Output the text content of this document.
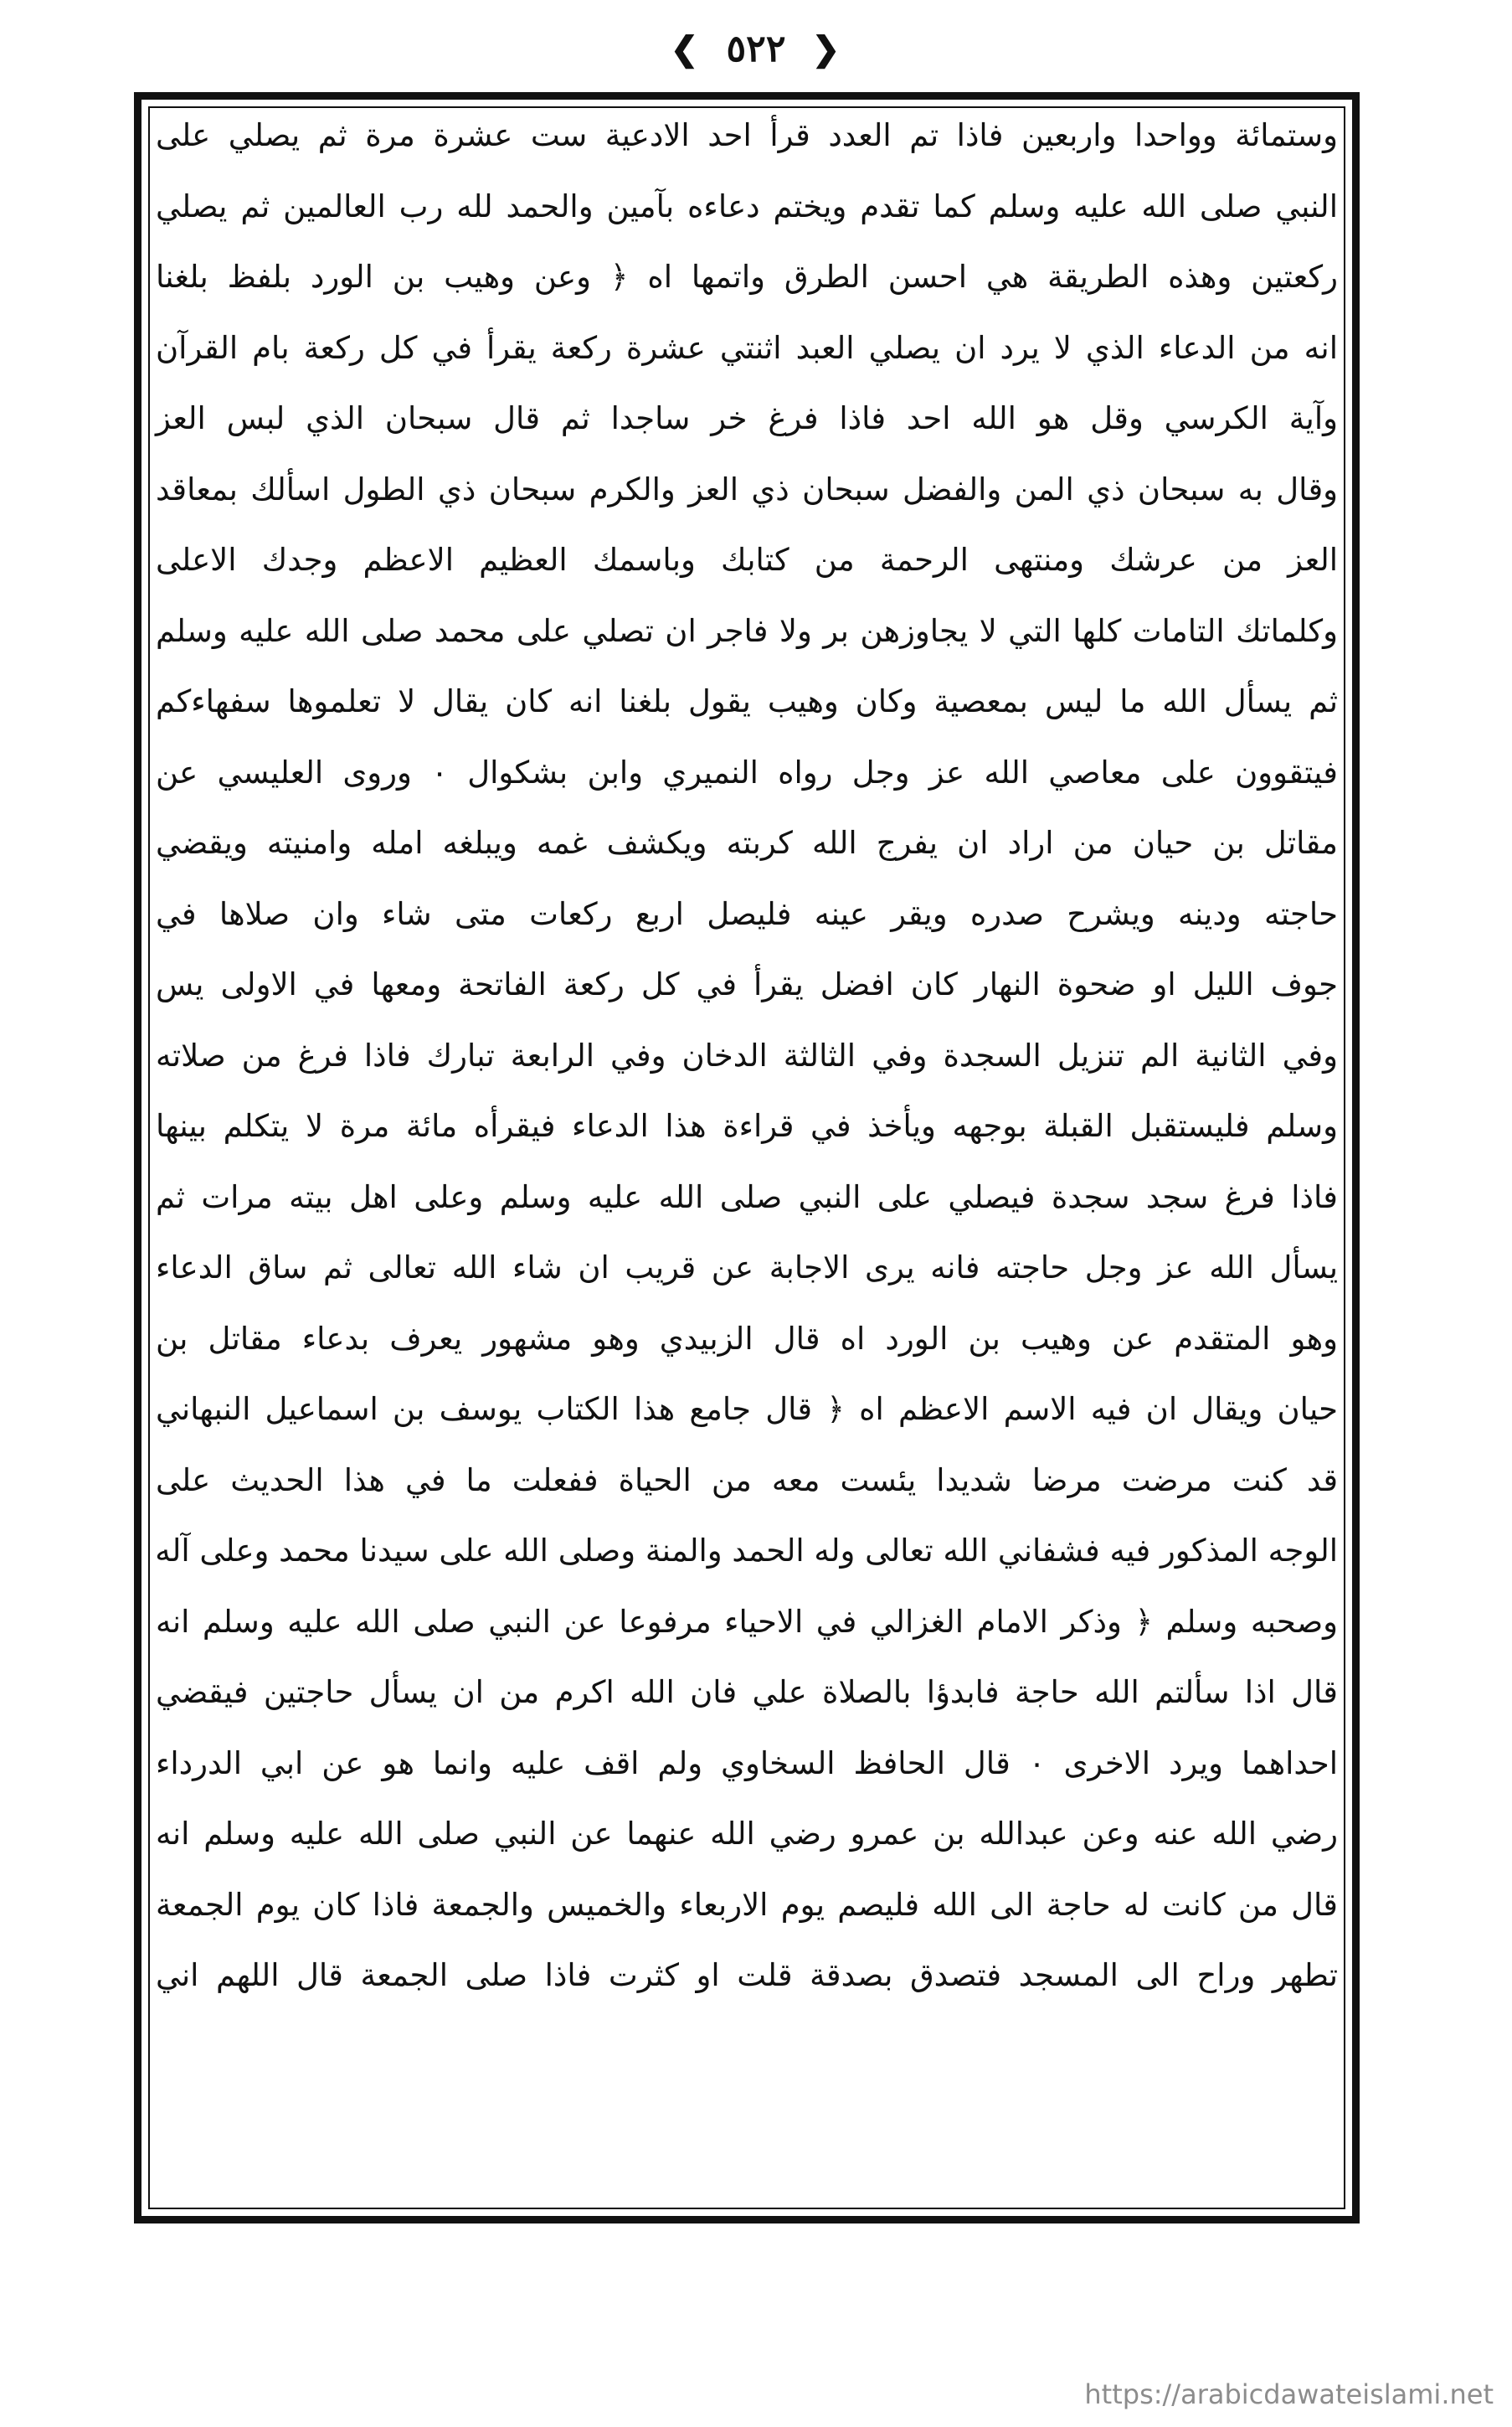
❮ ٥٢٢ ❯
وستمائة وواحدا واربعين فاذا تم العدد قرأ احد الادعية ست عشرة مرة ثم يصلي على
النبي صلى الله عليه وسلم كما تقدم ويختم دعاءه بآمين والحمد لله رب العالمين ثم يصلي
ركعتين وهذه الطريقة هي احسن الطرق واتمها اه ﴿ وعن وهيب بن الورد بلفظ بلغنا
انه من الدعاء الذي لا يرد ان يصلي العبد اثنتي عشرة ركعة يقرأ في كل ركعة بام القرآن
وآية الكرسي وقل هو الله احد فاذا فرغ خر ساجدا ثم قال سبحان الذي لبس العز
وقال به سبحان ذي المن والفضل سبحان ذي العز والكرم سبحان ذي الطول اسألك بمعاقد
العز من عرشك ومنتهى الرحمة من كتابك وباسمك العظيم الاعظم وجدك الاعلى
وكلماتك التامات كلها التي لا يجاوزهن بر ولا فاجر ان تصلي على محمد صلى الله عليه وسلم
ثم يسأل الله ما ليس بمعصية وكان وهيب يقول بلغنا انه كان يقال لا تعلموها سفهاءكم
فيتقوون على معاصي الله عز وجل رواه النميري وابن بشكوال ٠ وروى العليسي عن
مقاتل بن حيان من اراد ان يفرج الله كربته ويكشف غمه ويبلغه امله وامنيته ويقضي
حاجته ودينه ويشرح صدره ويقر عينه فليصل اربع ركعات متى شاء وان صلاها في
جوف الليل او ضحوة النهار كان افضل يقرأ في كل ركعة الفاتحة ومعها في الاولى يس
وفي الثانية الم تنزيل السجدة وفي الثالثة الدخان وفي الرابعة تبارك فاذا فرغ من صلاته
وسلم فليستقبل القبلة بوجهه ويأخذ في قراءة هذا الدعاء فيقرأه مائة مرة لا يتكلم بينها
فاذا فرغ سجد سجدة فيصلي على النبي صلى الله عليه وسلم وعلى اهل بيته مرات ثم
يسأل الله عز وجل حاجته فانه يرى الاجابة عن قريب ان شاء الله تعالى ثم ساق الدعاء
وهو المتقدم عن وهيب بن الورد اه قال الزبيدي وهو مشهور يعرف بدعاء مقاتل بن
حيان ويقال ان فيه الاسم الاعظم اه ﴿ قال جامع هذا الكتاب يوسف بن اسماعيل النبهاني
قد كنت مرضت مرضا شديدا يئست معه من الحياة ففعلت ما في هذا الحديث على
الوجه المذكور فيه فشفاني الله تعالى وله الحمد والمنة وصلى الله على سيدنا محمد وعلى آله
وصحبه وسلم ﴿ وذكر الامام الغزالي في الاحياء مرفوعا عن النبي صلى الله عليه وسلم انه
قال اذا سألتم الله حاجة فابدؤا بالصلاة علي فان الله اكرم من ان يسأل حاجتين فيقضي
احداهما ويرد الاخرى ٠ قال الحافظ السخاوي ولم اقف عليه وانما هو عن ابي الدرداء
رضي الله عنه وعن عبدالله بن عمرو رضي الله عنهما عن النبي صلى الله عليه وسلم انه
قال من كانت له حاجة الى الله فليصم يوم الاربعاء والخميس والجمعة فاذا كان يوم الجمعة
تطهر وراح الى المسجد فتصدق بصدقة قلت او كثرت فاذا صلى الجمعة قال اللهم اني
https://arabicdawateislami.net
